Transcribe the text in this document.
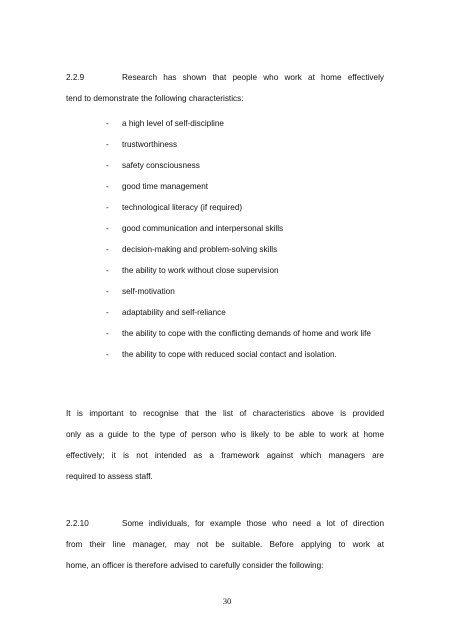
2.2.9	Research has shown that people who work at home effectively
tend to demonstrate the following characteristics:
-	a high level of self-discipline
-	trustworthiness
-	safety consciousness
-	good time management
-	technological literacy (if required)
-	good communication and interpersonal skills
-	decision-making and problem-solving skills
-	the ability to work without close supervision
-	self-motivation
-	adaptability and self-reliance
-	the ability to cope with the conflicting demands of home and work life
-	the ability to cope with reduced social contact and isolation.
It is important to recognise that the list of characteristics above is provided
only as a guide to the type of person who is likely to be able to work at home
effectively; it is not intended as a framework against which managers are
required to assess staff.
2.2.10	Some individuals, for example those who need a lot of direction
from their line manager, may not be suitable. Before applying to work at
home, an officer is therefore advised to carefully consider the following:
30
